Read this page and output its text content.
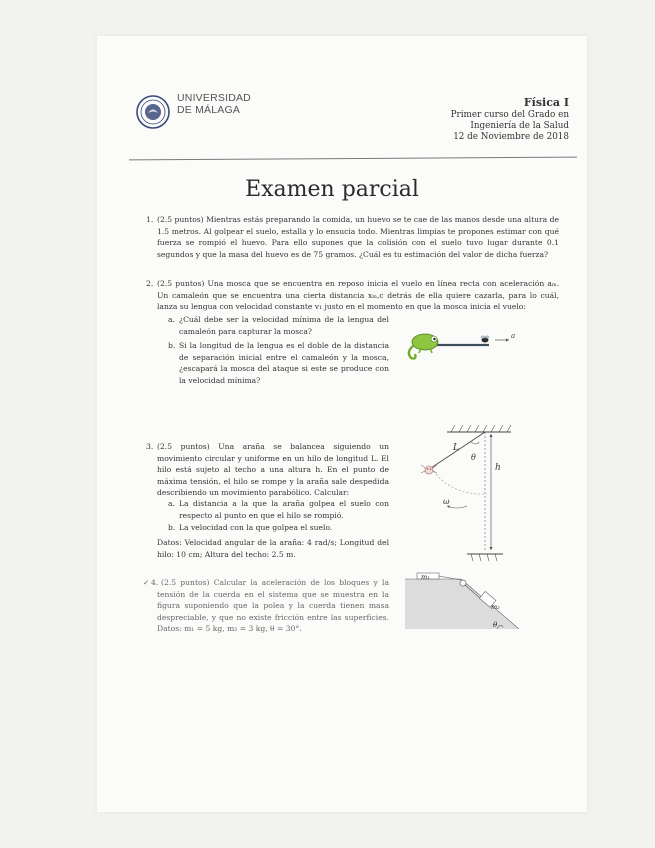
UNIVERSIDAD
DE MÁLAGA
Física I
Primer curso del Grado en
Ingeniería de la Salud
12 de Noviembre de 2018
Examen parcial
1. (2.5 puntos) Mientras estás preparando la comida, un huevo se te cae de las manos desde una altura de 1.5 metros. Al golpear el suelo, estalla y lo ensucia todo. Mientras limpias te propones estimar con qué fuerza se rompió el huevo. Para ello supones que la colisión con el suelo tuvo lugar durante 0.1 segundos y que la masa del huevo es de 75 gramos. ¿Cuál es tu estimación del valor de dicha fuerza?
2. (2.5 puntos) Una mosca que se encuentra en reposo inicia el vuelo en línea recta con aceleración aₘ. Un camaleón que se encuentra una cierta distancia xₘ,c detrás de ella quiere cazarla, para lo cuál, lanza su lengua con velocidad constante v₁ justo en el momento en que la mosca inicia el vuelo:
a. ¿Cuál debe ser la velocidad mínima de la lengua del camaleón para capturar la mosca?
b. Si la longitud de la lengua es el doble de la distancia de separación inicial entre el camaleón y la mosca, ¿escapará la mosca del ataque si este se produce con la velocidad mínima?
a
3. (2.5 puntos) Una araña se balancea siguiendo un movimiento circular y uniforme en un hilo de longitud L. El hilo está sujeto al techo a una altura h. En el punto de máxima tensión, el hilo se rompe y la araña sale despedida describiendo un movimiento parabólico. Calcular:
a. La distancia a la que la araña golpea el suelo con respecto al punto en que el hilo se rompió.
b. La velocidad con la que golpea el suelo.
Datos: Velocidad angular de la araña: 4 rad/s; Longitud del hilo: 10 cm; Altura del techo: 2.5 m.
L
θ
h
ω
✓ 4. (2.5 puntos) Calcular la aceleración de los bloques y la tensión de la cuerda en el sistema que se muestra en la figura suponiendo que la polea y la cuerda tienen masa despreciable, y que no existe fricción entre las superficies. Datos: m₁ = 5 kg, m₂ = 3 kg, θ = 30°.
m₁
m₂
θ
